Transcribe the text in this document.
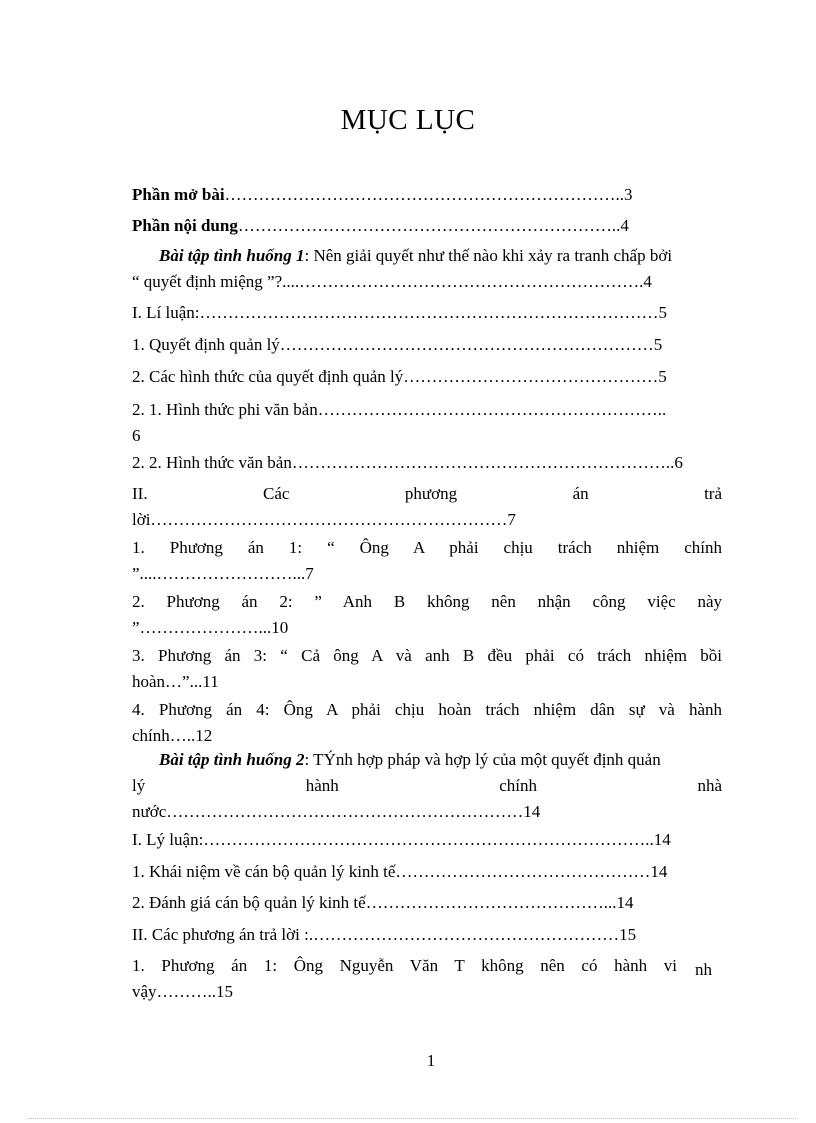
MỤC LỤC
Phần mở bài……………………………………………………………..3
Phần nội dung…………………………………………………………..4
Bài tập tình huống 1: Nên giải quyết như thế nào khi xảy ra tranh chấp bởi
“ quyết định miệng ”?....…………………………………………………….4
I. Lí luận:………………………………………………………………………5
1. Quyết định quản lý…………………………………………………………5
2. Các hình thức của quyết định quản lý………………………………………5
2. 1. Hình thức phi văn bản……………………………………………………..
6
2. 2. Hình thức văn bản…………………………………………………………..6
II. Các phương án trả
lời………………………………………………………7
1. Phương án 1: “ Ông A phải chịu trách nhiệm chính
”....……………………...7
2. Phương án 2: ” Anh B không nên nhận công việc này
”…………………...10
3. Phương án 3: “ Cả ông A và anh B đều phải có trách nhiệm bồi
hoàn…”...11
4. Phương án 4: Ông A phải chịu hoàn trách nhiệm dân sự và hành
chính…..12
Bài tập tình huống 2: TÝnh hợp pháp và hợp lý của một quyết định quản
lý hành chính nhà
nước………………………………………………………14
I. Lý luận:……………………………………………………………………..14
1. Khái niệm về cán bộ quản lý kinh tế………………………………………14
2. Đánh giá cán bộ quản lý kinh tế……………………………………...14
II. Các phương án trả lời :.………………………………………………15
1. Phương án 1: Ông Nguyễn Văn T không nên có hành vi
vậy………..15
nh
1
